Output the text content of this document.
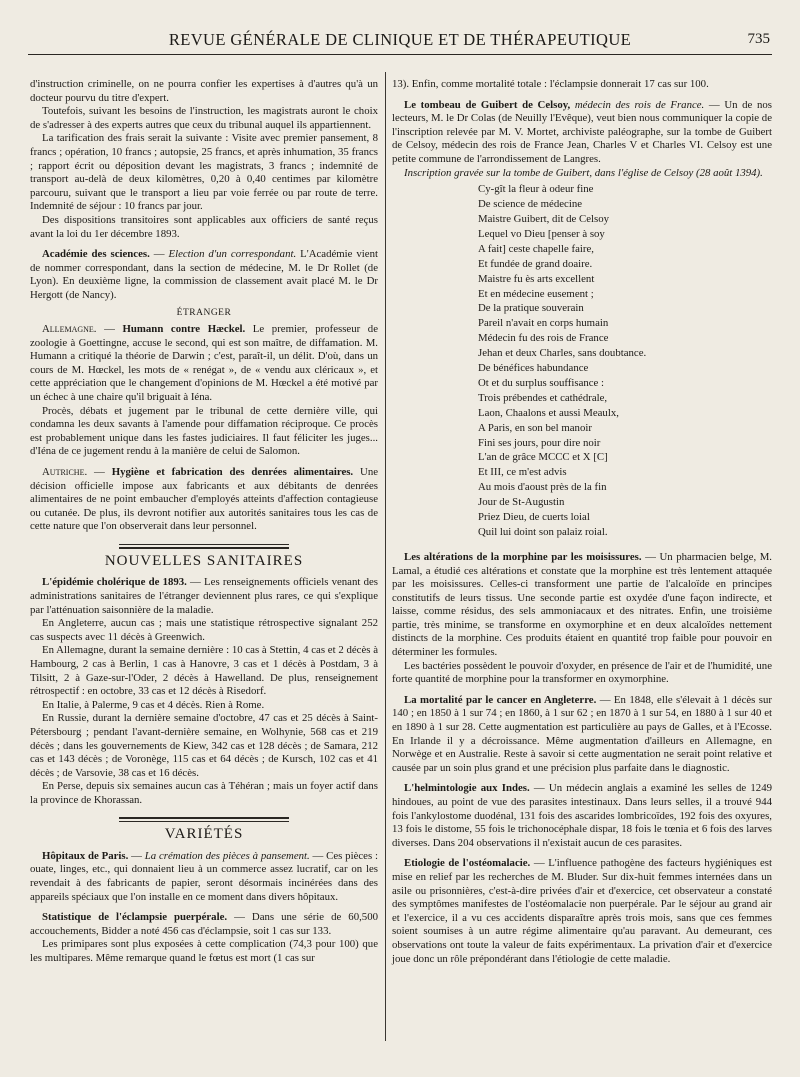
REVUE GÉNÉRALE DE CLINIQUE ET DE THÉRAPEUTIQUE	735

d'instruction criminelle, on ne pourra confier les expertises à d'autres qu'à un docteur pourvu du titre d'expert.

Toutefois, suivant les besoins de l'instruction, les magistrats auront le choix de s'adresser à des experts autres que ceux du tribunal auquel ils appartiennent.

La tarification des frais serait la suivante : Visite avec premier pansement, 8 francs ; opération, 10 francs ; autopsie, 25 francs, et après inhumation, 35 francs ; rapport écrit ou déposition devant les magistrats, 3 francs ; indemnité de transport au-delà de deux kilomètres, 0,20 à 0,40 centimes par kilomètre parcouru, suivant que le transport a lieu par voie ferrée ou par route de terre. Indemnité de séjour : 10 francs par jour.

Des dispositions transitoires sont applicables aux officiers de santé reçus avant la loi du 1er décembre 1893.

Académie des sciences. — Election d'un correspondant. L'Académie vient de nommer correspondant, dans la section de médecine, M. le Dr Rollet (de Lyon). En deuxième ligne, la commission de classement avait placé M. le Dr Hergott (de Nancy).

ÉTRANGER

Allemagne. — Humann contre Hæckel. Le premier, professeur de zoologie à Goettingne, accuse le second, qui est son maître, de diffamation. M. Humann a critiqué la théorie de Darwin ; c'est, paraît-il, un délit. D'où, dans un cours de M. Hœckel, les mots de « renégat », de « vendu aux cléricaux », et cette appréciation que le changement d'opinions de M. Hœckel a été motivé par un échec à une chaire qu'il briguait à Iéna.

Procès, débats et jugement par le tribunal de cette dernière ville, qui condamna les deux savants à l'amende pour diffamation réciproque. Ce procès est probablement unique dans les fastes judiciaires. Il faut féliciter les juges... d'Iéna de ce jugement rendu à la manière de celui de Salomon.

Autriche. — Hygiène et fabrication des denrées alimentaires. Une décision officielle impose aux fabricants et aux débitants de denrées alimentaires de ne point embaucher d'employés atteints d'affection contagieuse ou cutanée. De plus, ils devront notifier aux autorités sanitaires tous les cas de cette nature que l'on observerait dans leur personnel.

NOUVELLES SANITAIRES

L'épidémie cholérique de 1893. — Les renseignements officiels venant des administrations sanitaires de l'étranger deviennent plus rares, ce qui s'explique par l'atténuation saisonnière de la maladie.

En Angleterre, aucun cas ; mais une statistique rétrospective signalant 252 cas suspects avec 11 décès à Greenwich.

En Allemagne, durant la semaine dernière : 10 cas à Stettin, 4 cas et 2 décès à Hambourg, 2 cas à Berlin, 1 cas à Hanovre, 3 cas et 1 décès à Postdam, 3 à Tilsitt, 2 à Gaze-sur-l'Oder, 2 décès à Hawelland. De plus, renseignement rétrospectif : en octobre, 33 cas et 12 décès à Risedorf.

En Italie, à Palerme, 9 cas et 4 décès. Rien à Rome.

En Russie, durant la dernière semaine d'octobre, 47 cas et 25 décès à Saint-Pétersbourg ; pendant l'avant-dernière semaine, en Wolhynie, 568 cas et 219 décès ; dans les gouvernements de Kiew, 342 cas et 128 décès ; de Samara, 212 cas et 143 décès ; de Voronège, 115 cas et 64 décès ; de Kursch, 102 cas et 41 décès ; de Varsovie, 38 cas et 16 décès.

En Perse, depuis six semaines aucun cas à Téhéran ; mais un foyer actif dans la province de Khorassan.

VARIÉTÉS

Hôpitaux de Paris. — La crémation des pièces à pansement. — Ces pièces : ouate, linges, etc., qui donnaient lieu à un commerce assez lucratif, car on les revendait à des fabricants de papier, seront désormais incinérées dans des appareils spéciaux que l'on installe en ce moment dans divers hôpitaux.

Statistique de l'éclampsie puerpérale. — Dans une série de 60,500 accouchements, Bidder a noté 456 cas d'éclampsie, soit 1 cas sur 133.

Les primipares sont plus exposées à cette complication (74,3 pour 100) que les multipares. Même remarque quand le fœtus est mort (1 cas sur

13). Enfin, comme mortalité totale : l'éclampsie donnerait 17 cas sur 100.

Le tombeau de Guibert de Celsoy, médecin des rois de France. — Un de nos lecteurs, M. le Dr Colas (de Neuilly l'Evêque), veut bien nous communiquer la copie de l'inscription relevée par M. V. Mortet, archiviste paléographe, sur la tombe de Guibert de Celsoy, médecin des rois de France Jean, Charles V et Charles VI. Celsoy est une petite commune de l'arrondissement de Langres.

Inscription gravée sur la tombe de Guibert, dans l'église de Celsoy (28 août 1394).

Cy-gît la fleur à odeur fine
De science de médecine
Maistre Guibert, dit de Celsoy
Lequel vo Dieu [penser à soy
A fait] ceste chapelle faire,
Et fundée de grand doaire.
Maistre fu ès arts excellent
Et en médecine eusement ;
De la pratique souverain
Pareil n'avait en corps humain
Médecin fu des rois de France
Jehan et deux Charles, sans doubtance.
De bénéfices habundance
Ot et du surplus souffisance :
Trois prébendes et cathédrale,
Laon, Chaalons et aussi Meaulx,
A Paris, en son bel manoir
Fini ses jours, pour dire noir
L'an de grâce MCCC et X [C]
Et III, ce m'est advis
Au mois d'aoust près de la fin
Jour de St-Augustin
Priez Dieu, de cuerts loial
Quil lui doint son palaiz roial.

Les altérations de la morphine par les moisissures. — Un pharmacien belge, M. Lamal, a étudié ces altérations et constate que la morphine est très lentement attaquée par les moisissures. Celles-ci transforment une partie de l'alcaloïde en principes constitutifs de leurs tissus. Une seconde partie est oxydée d'une façon indirecte, et laisse, comme résidus, des sels ammoniacaux et des nitrates. Enfin, une troisième partie, très minime, se transforme en oxymorphine et en deux alcaloïdes nettement distincts de la morphine. Ces produits étaient en quantité trop faible pour pouvoir en déterminer les formules.

Les bactéries possèdent le pouvoir d'oxyder, en présence de l'air et de l'humidité, une forte quantité de morphine pour la transformer en oxymorphine.

La mortalité par le cancer en Angleterre. — En 1848, elle s'élevait à 1 décès sur 140 ; en 1850 à 1 sur 74 ; en 1860, à 1 sur 62 ; en 1870 à 1 sur 54, en 1880 à 1 sur 40 et en 1890 à 1 sur 28. Cette augmentation est particulière au pays de Galles, et à l'Ecosse. En Irlande il y a décroissance. Même augmentation d'ailleurs en Allemagne, en Norwège et en Australie. Reste à savoir si cette augmentation ne serait point relative et causée par un soin plus grand et une précision plus parfaite dans le diagnostic.

L'helmintologie aux Indes. — Un médecin anglais a examiné les selles de 1249 hindoues, au point de vue des parasites intestinaux. Dans leurs selles, il a trouvé 944 fois l'ankylostome duodénal, 131 fois des ascarides lombricoïdes, 192 fois des oxyures, 13 fois le distome, 55 fois le trichonocéphale dispar, 18 fois le tœnia et 6 fois des larves diverses. Dans 204 observations il n'existait aucun de ces parasites.

Etiologie de l'ostéomalacie. — L'influence pathogène des facteurs hygiéniques est mise en relief par les recherches de M. Bluder. Sur dix-huit femmes internées dans un asile ou prisonnières, c'est-à-dire privées d'air et d'exercice, cet observateur a constaté des symptômes manifestes de l'ostéomalacie non puerpérale. Par le séjour au grand air et l'exercice, il a vu ces accidents disparaître après trois mois, sans que ces femmes soient soumises à un autre régime alimentaire qu'au paravant. Au demeurant, ces observations ont toute la valeur de faits expérimentaux. La privation d'air et d'exercice joue donc un rôle prépondérant dans l'étiologie de cette maladie.
